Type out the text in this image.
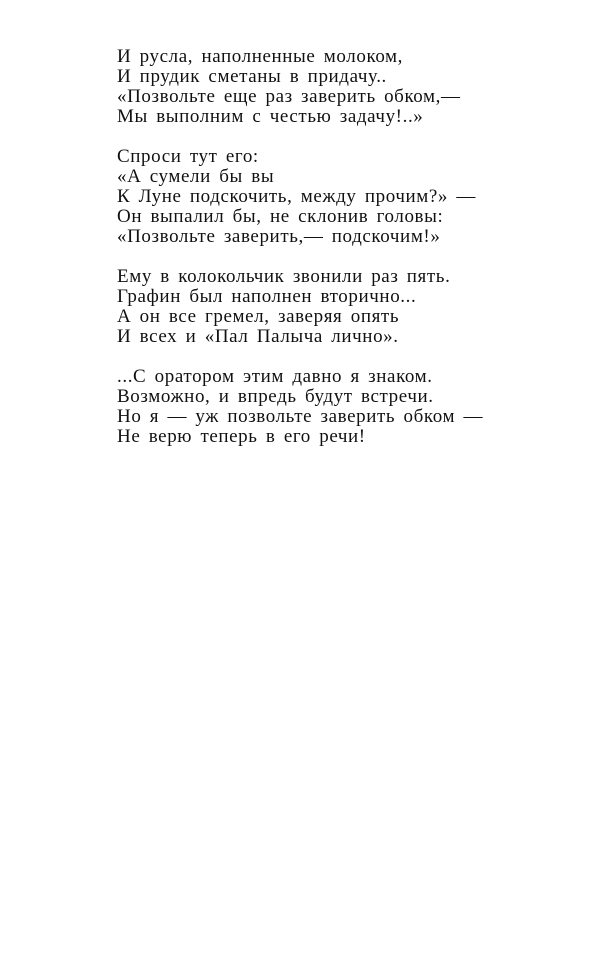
И русла, наполненные молоком,
И прудик сметаны в придачу..
«Позвольте еще раз заверить обком,—
Мы выполним с честью задачу!..»
Спроси тут его:
«А сумели бы вы
К Луне подскочить, между прочим?» —
Он выпалил бы, не склонив головы:
«Позвольте заверить,— подскочим!»
Ему в колокольчик звонили раз пять.
Графин был наполнен вторично...
А он все гремел, заверяя опять
И всех и «Пал Палыча лично».
...С оратором этим давно я знаком.
Возможно, и впредь будут встречи.
Но я — уж позвольте заверить обком —
Не верю теперь в его речи!
